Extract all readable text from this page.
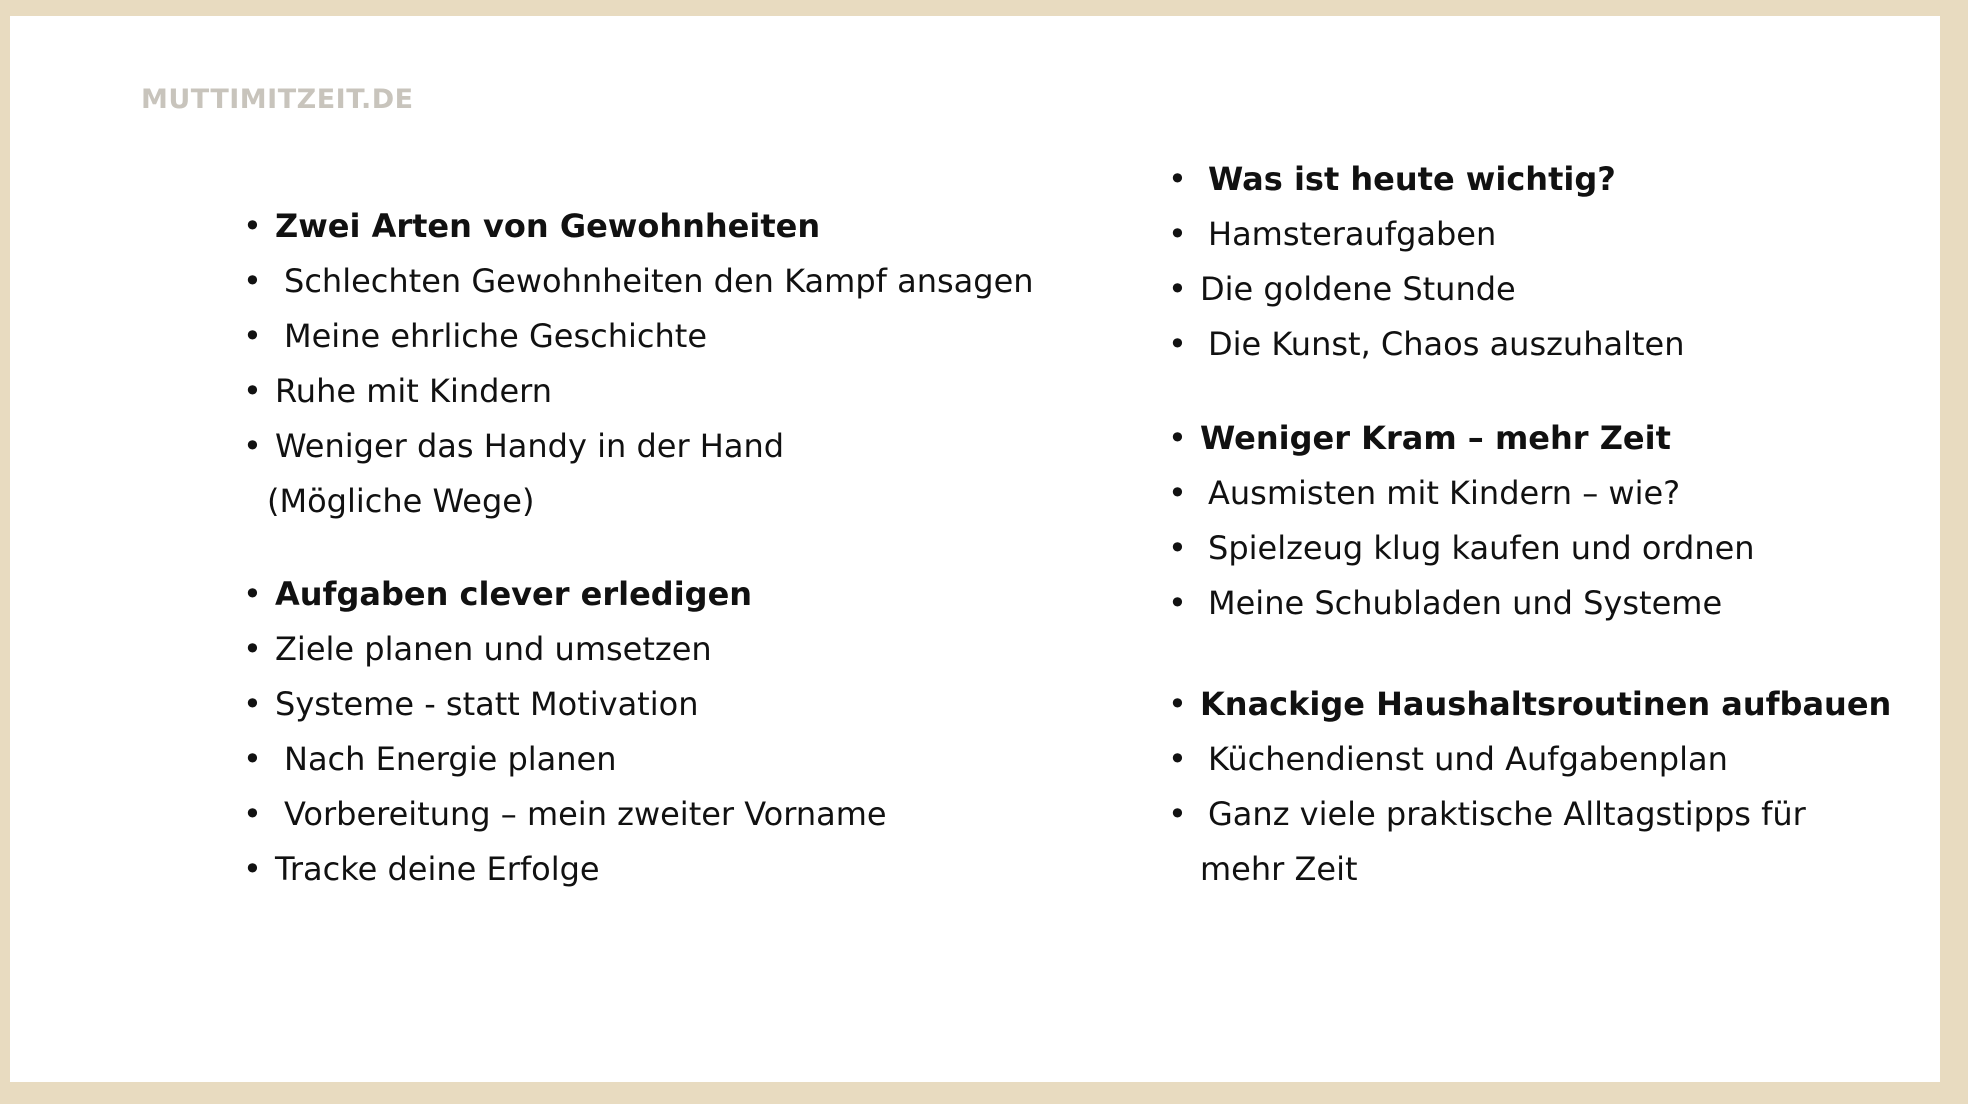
MUTTIMITZEIT.DE
• Zwei Arten von Gewohnheiten
• Schlechten Gewohnheiten den Kampf ansagen
• Meine ehrliche Geschichte
• Ruhe mit Kindern
• Weniger das Handy in der Hand
(Mögliche Wege)
• Aufgaben clever erledigen
• Ziele planen und umsetzen
• Systeme - statt Motivation
• Nach Energie planen
• Vorbereitung – mein zweiter Vorname
• Tracke deine Erfolge
• Was ist heute wichtig?
• Hamsteraufgaben
• Die goldene Stunde
• Die Kunst, Chaos auszuhalten
• Weniger Kram – mehr Zeit
• Ausmisten mit Kindern – wie?
• Spielzeug klug kaufen und ordnen
• Meine Schubladen und Systeme
• Knackige Haushaltsroutinen aufbauen
• Küchendienst und Aufgabenplan
• Ganz viele praktische Alltagstipps für
mehr Zeit
